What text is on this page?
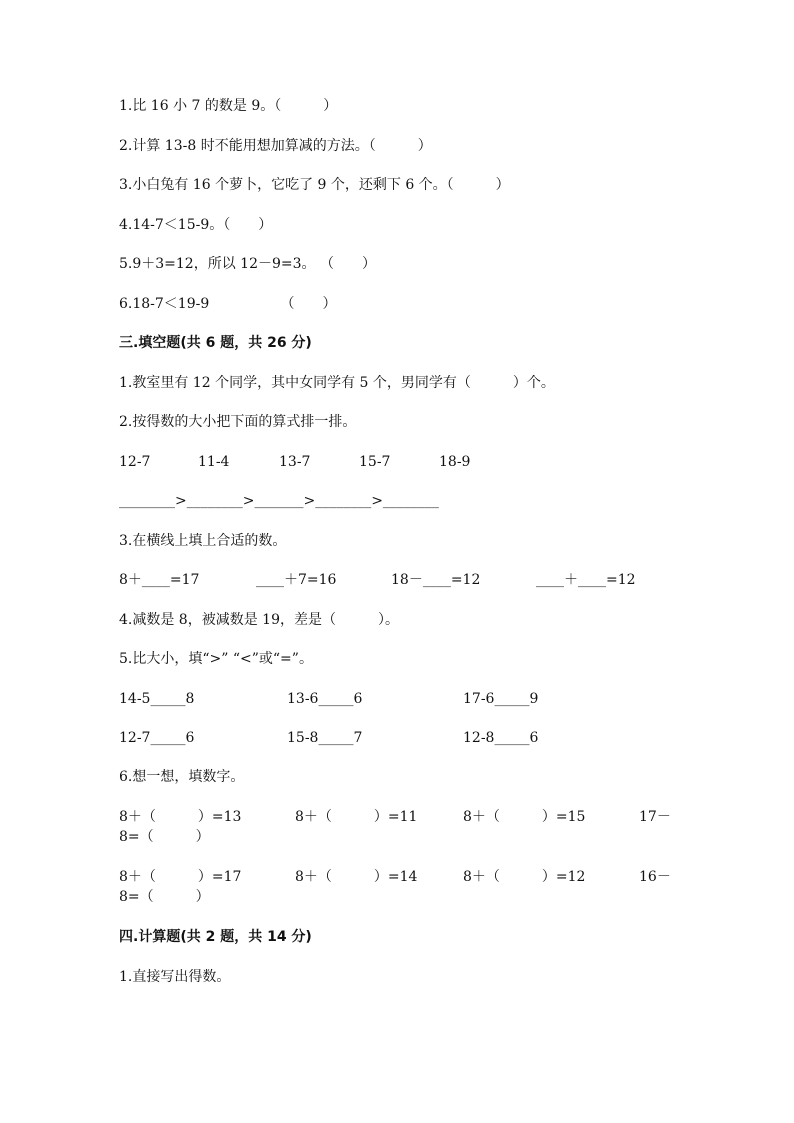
1.比 16 小 7 的数是 9。（　　　）
2.计算 13-8 时不能用想加算减的方法。（　　　）
3.小白兔有 16 个萝卜，它吃了 9 个，还剩下 6 个。（　　　）
4.14-7＜15-9。（　　）
5.9＋3=12，所以 12－9=3。 （　　）
6.18-7＜19-9                （　　）
三.填空题(共 6 题，共 26 分)
1.教室里有 12 个同学，其中女同学有 5 个，男同学有（　　　）个。
2.按得数的大小把下面的算式排一排。
12-7	11-4	13-7	15-7	18-9
________>________>_______>________>________
3.在横线上填上合适的数。
8＋____=17	____＋7=16	18－____=12	____＋____=12
4.减数是 8，被减数是 19，差是（　　　）。
5.比大小，填“>” “<”或“=”。
14-5_____8	13-6_____6	17-6_____9
12-7_____6	15-8_____7	12-8_____6
6.想一想，填数字。
8＋（　　　）=13	8＋（　　　）=11	8＋（　　　）=15	17－
8=（　　　）
8＋（　　　）=17	8＋（　　　）=14	8＋（　　　）=12	16－
8=（　　　）
四.计算题(共 2 题，共 14 分)
1.直接写出得数。
